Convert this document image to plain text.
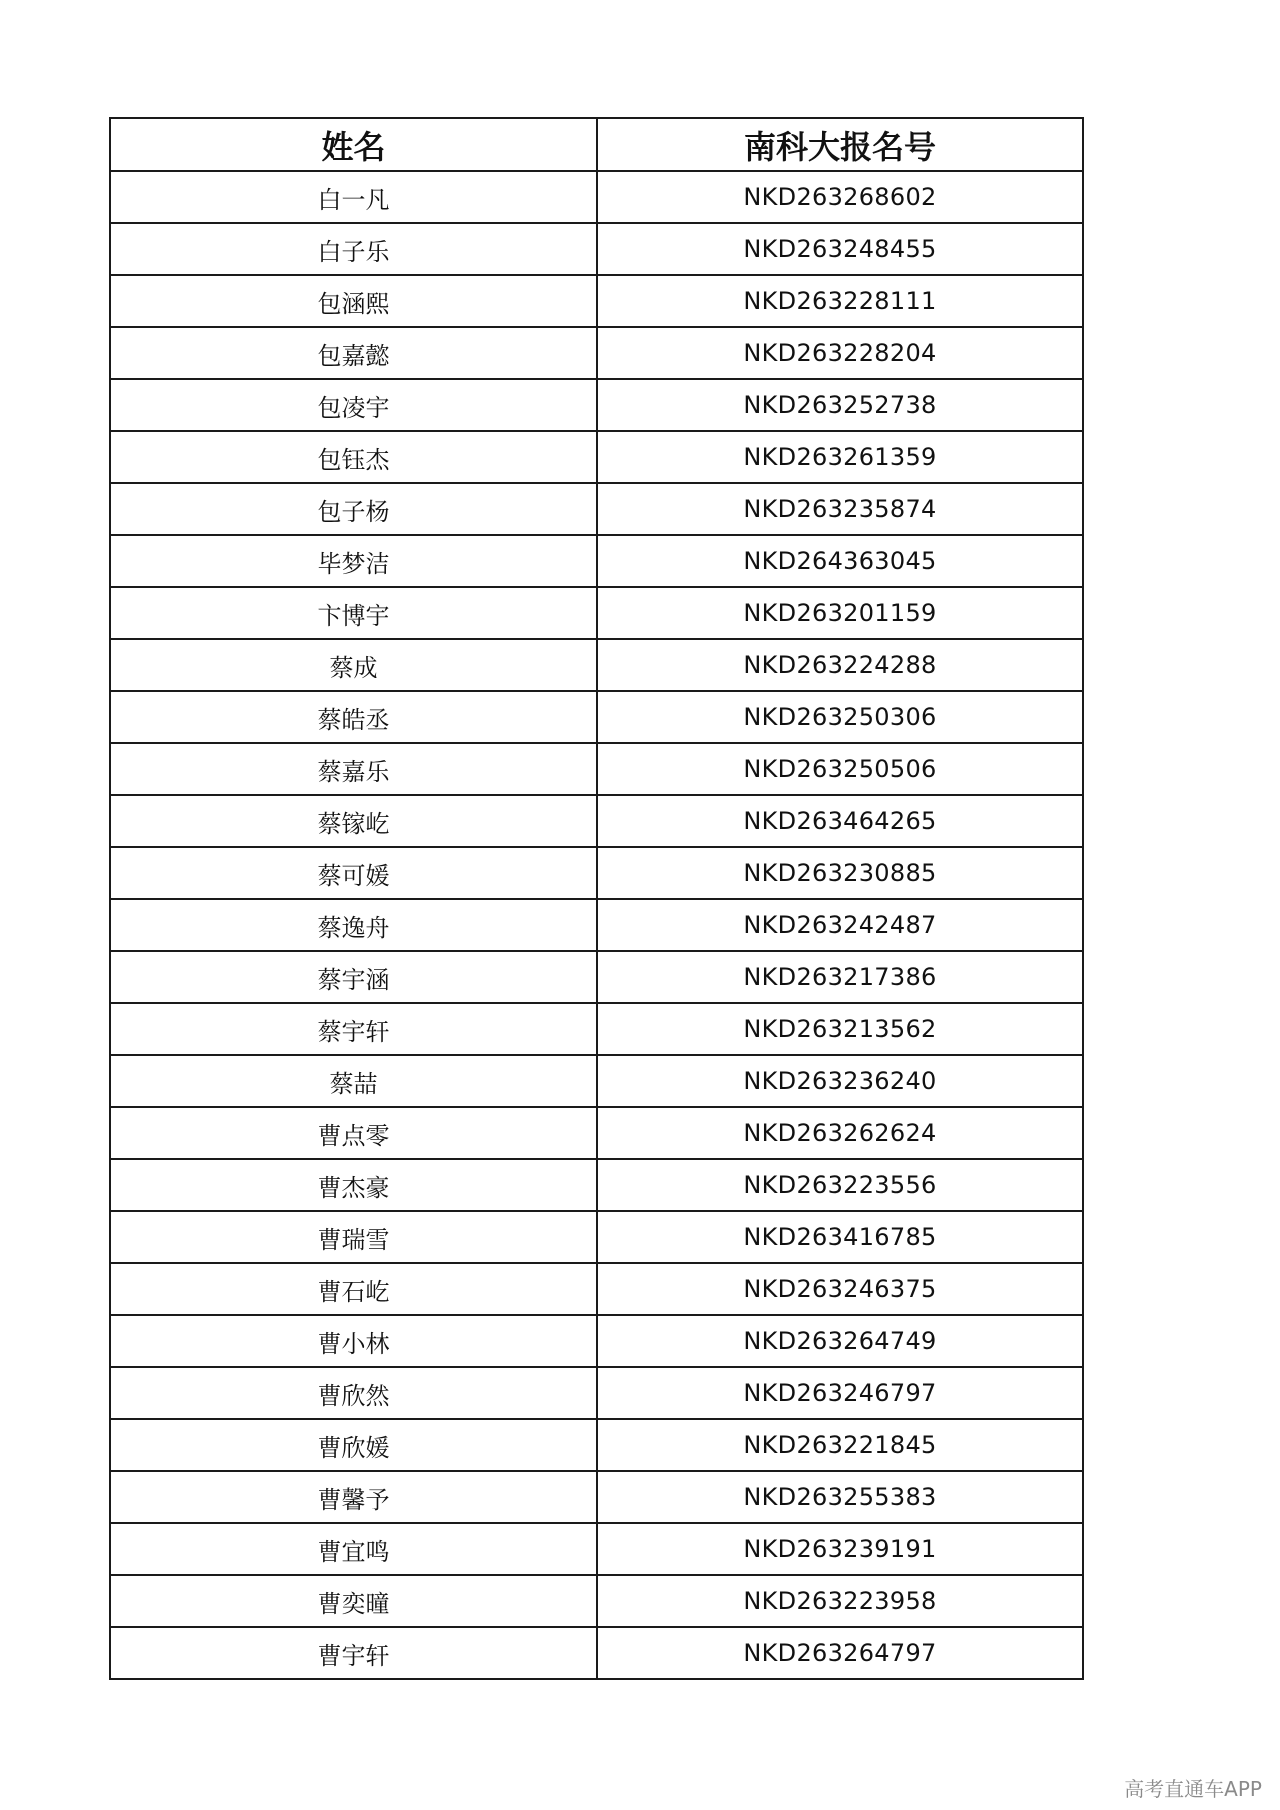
姓名	南科大报名号
白一凡	NKD263268602
白子乐	NKD263248455
包涵熙	NKD263228111
包嘉懿	NKD263228204
包凌宇	NKD263252738
包钰杰	NKD263261359
包子杨	NKD263235874
毕梦洁	NKD264363045
卞博宇	NKD263201159
蔡成	NKD263224288
蔡皓丞	NKD263250306
蔡嘉乐	NKD263250506
蔡镓屹	NKD263464265
蔡可媛	NKD263230885
蔡逸舟	NKD263242487
蔡宇涵	NKD263217386
蔡宇轩	NKD263213562
蔡喆	NKD263236240
曹点零	NKD263262624
曹杰豪	NKD263223556
曹瑞雪	NKD263416785
曹石屹	NKD263246375
曹小林	NKD263264749
曹欣然	NKD263246797
曹欣媛	NKD263221845
曹馨予	NKD263255383
曹宜鸣	NKD263239191
曹奕曈	NKD263223958
曹宇轩	NKD263264797
高考直通车APP
